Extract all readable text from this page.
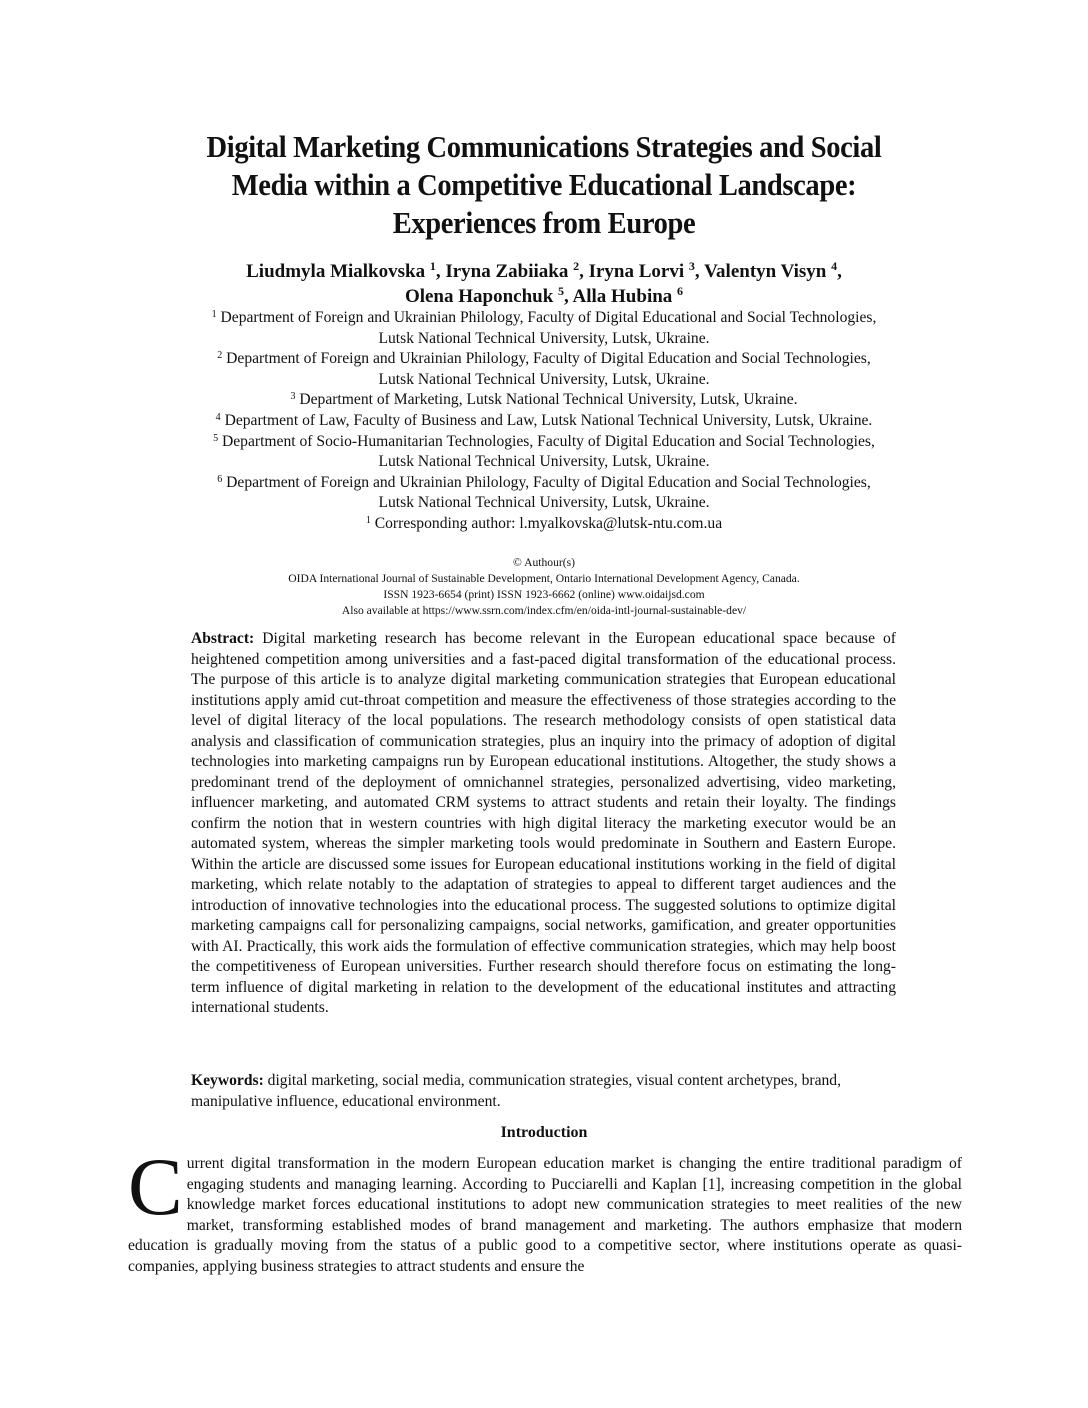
Digital Marketing Communications Strategies and Social
Media within a Competitive Educational Landscape:
Experiences from Europe
Liudmyla Mialkovska $^1$, Iryna Zabiiaka $^2$, Iryna Lorvi $^3$, Valentyn Visyn $^4$,
Olena Haponchuk $^5$, Alla Hubina $^6$
$^1$ Department of Foreign and Ukrainian Philology, Faculty of Digital Educational and Social Technologies,
Lutsk National Technical University, Lutsk, Ukraine.
$^2$ Department of Foreign and Ukrainian Philology, Faculty of Digital Education and Social Technologies,
Lutsk National Technical University, Lutsk, Ukraine.
$^3$ Department of Marketing, Lutsk National Technical University, Lutsk, Ukraine.
$^4$ Department of Law, Faculty of Business and Law, Lutsk National Technical University, Lutsk, Ukraine.
$^5$ Department of Socio-Humanitarian Technologies, Faculty of Digital Education and Social Technologies,
Lutsk National Technical University, Lutsk, Ukraine.
$^6$ Department of Foreign and Ukrainian Philology, Faculty of Digital Education and Social Technologies,
Lutsk National Technical University, Lutsk, Ukraine.
$^1$ Corresponding author: l.myalkovska@lutsk-ntu.com.ua
© Authour(s)
OIDA International Journal of Sustainable Development, Ontario International Development Agency, Canada.
ISSN 1923-6654 (print) ISSN 1923-6662 (online) www.oidaijsd.com
Also available at https://www.ssrn.com/index.cfm/en/oida-intl-journal-sustainable-dev/
Abstract: Digital marketing research has become relevant in the European educational space because of heightened competition among universities and a fast-paced digital transformation of the educational process. The purpose of this article is to analyze digital marketing communication strategies that European educational institutions apply amid cut-throat competition and measure the effectiveness of those strategies according to the level of digital literacy of the local populations. The research methodology consists of open statistical data analysis and classification of communication strategies, plus an inquiry into the primacy of adoption of digital technologies into marketing campaigns run by European educational institutions. Altogether, the study shows a predominant trend of the deployment of omnichannel strategies, personalized advertising, video marketing, influencer marketing, and automated CRM systems to attract students and retain their loyalty. The findings confirm the notion that in western countries with high digital literacy the marketing executor would be an automated system, whereas the simpler marketing tools would predominate in Southern and Eastern Europe. Within the article are discussed some issues for European educational institutions working in the field of digital marketing, which relate notably to the adaptation of strategies to appeal to different target audiences and the introduction of innovative technologies into the educational process. The suggested solutions to optimize digital marketing campaigns call for personalizing campaigns, social networks, gamification, and greater opportunities with AI. Practically, this work aids the formulation of effective communication strategies, which may help boost the competitiveness of European universities. Further research should therefore focus on estimating the long-term influence of digital marketing in relation to the development of the educational institutes and attracting international students.
Keywords: digital marketing, social media, communication strategies, visual content archetypes, brand, manipulative influence, educational environment.
Introduction
C urrent digital transformation in the modern European education market is changing the entire traditional paradigm of engaging students and managing learning. According to Pucciarelli and Kaplan [1], increasing competition in the global knowledge market forces educational institutions to adopt new communication strategies to meet realities of the new market, transforming established modes of brand management and marketing. The authors emphasize that modern education is gradually moving from the status of a public good to a competitive sector, where institutions operate as quasi-companies, applying business strategies to attract students and ensure the
